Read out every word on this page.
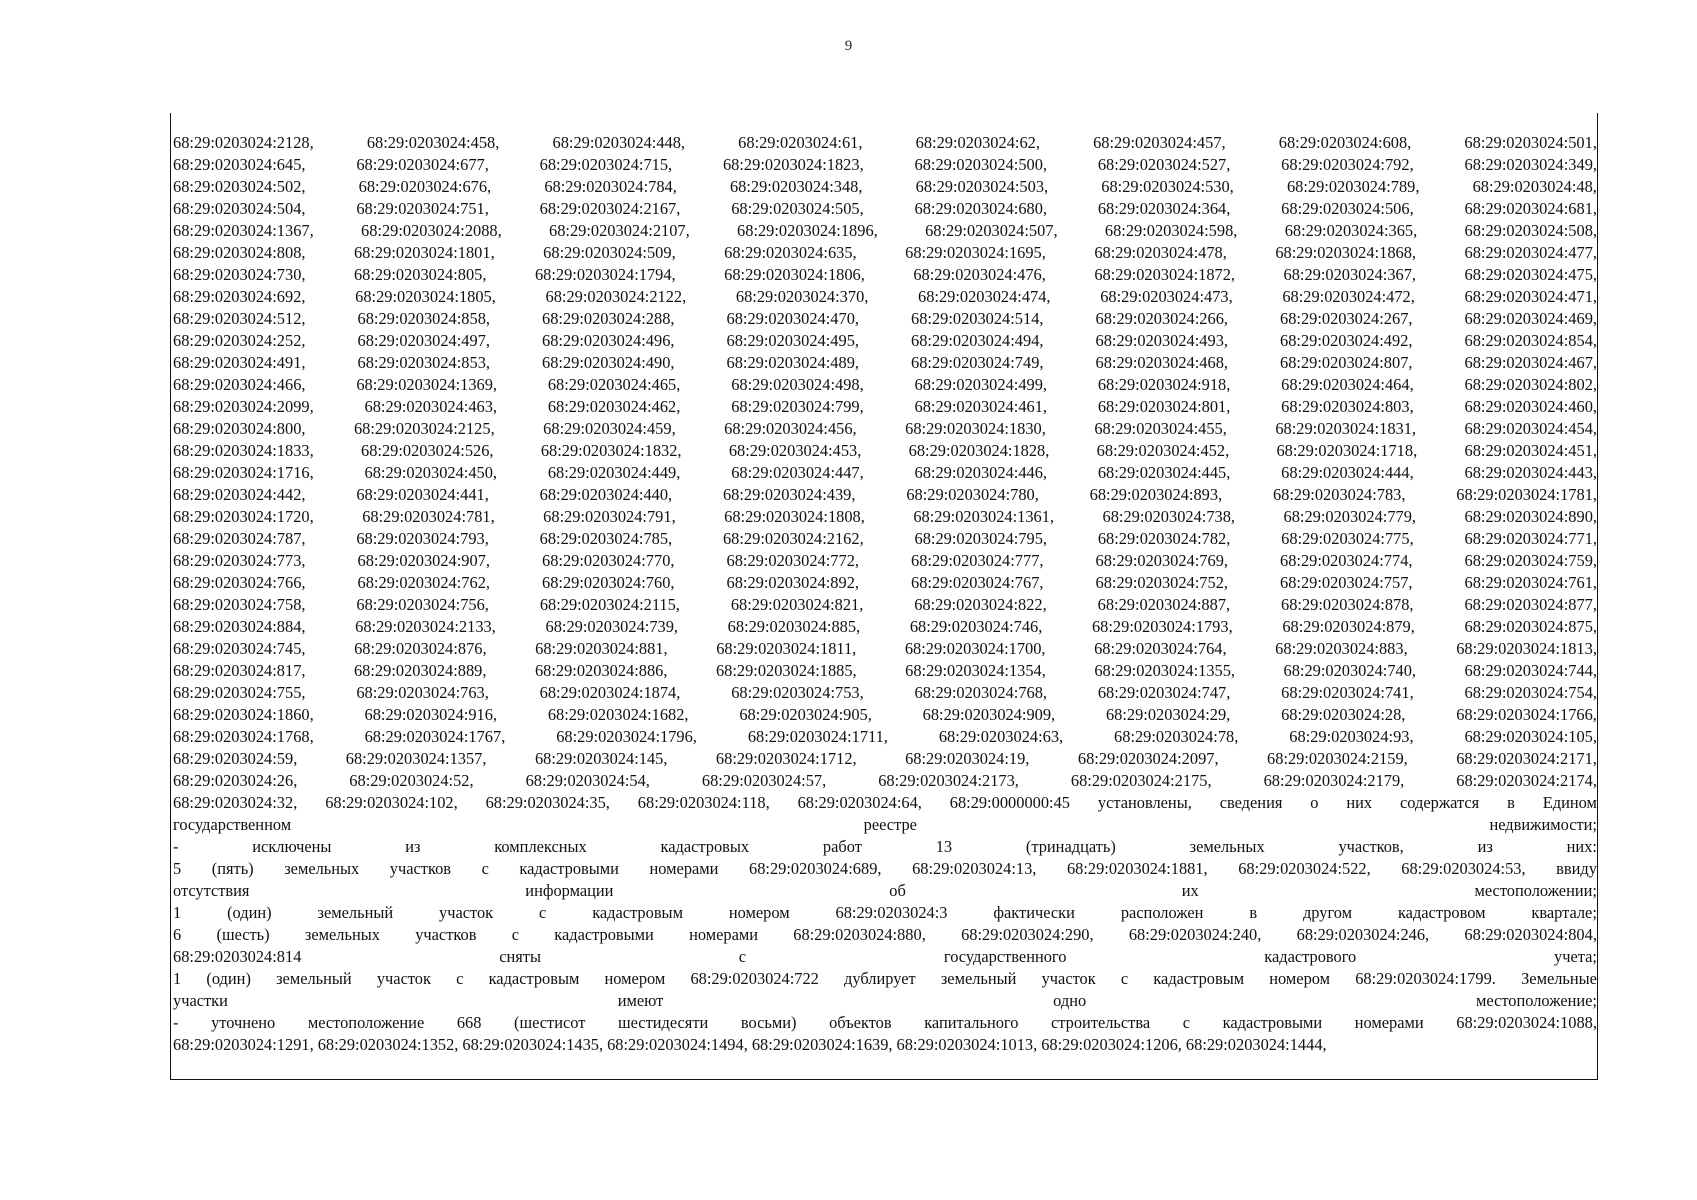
9
68:29:0203024:2128,	68:29:0203024:458,	68:29:0203024:448,	68:29:0203024:61,	68:29:0203024:62,	68:29:0203024:457,	68:29:0203024:608,	68:29:0203024:501,
68:29:0203024:645,	68:29:0203024:677,	68:29:0203024:715,	68:29:0203024:1823,	68:29:0203024:500,	68:29:0203024:527,	68:29:0203024:792,	68:29:0203024:349,
68:29:0203024:502,	68:29:0203024:676,	68:29:0203024:784,	68:29:0203024:348,	68:29:0203024:503,	68:29:0203024:530,	68:29:0203024:789,	68:29:0203024:48,
68:29:0203024:504,	68:29:0203024:751,	68:29:0203024:2167,	68:29:0203024:505,	68:29:0203024:680,	68:29:0203024:364,	68:29:0203024:506,	68:29:0203024:681,
68:29:0203024:1367,	68:29:0203024:2088,	68:29:0203024:2107,	68:29:0203024:1896,	68:29:0203024:507,	68:29:0203024:598,	68:29:0203024:365,	68:29:0203024:508,
68:29:0203024:808,	68:29:0203024:1801,	68:29:0203024:509,	68:29:0203024:635,	68:29:0203024:1695,	68:29:0203024:478,	68:29:0203024:1868,	68:29:0203024:477,
68:29:0203024:730,	68:29:0203024:805,	68:29:0203024:1794,	68:29:0203024:1806,	68:29:0203024:476,	68:29:0203024:1872,	68:29:0203024:367,	68:29:0203024:475,
68:29:0203024:692,	68:29:0203024:1805,	68:29:0203024:2122,	68:29:0203024:370,	68:29:0203024:474,	68:29:0203024:473,	68:29:0203024:472,	68:29:0203024:471,
68:29:0203024:512,	68:29:0203024:858,	68:29:0203024:288,	68:29:0203024:470,	68:29:0203024:514,	68:29:0203024:266,	68:29:0203024:267,	68:29:0203024:469,
68:29:0203024:252,	68:29:0203024:497,	68:29:0203024:496,	68:29:0203024:495,	68:29:0203024:494,	68:29:0203024:493,	68:29:0203024:492,	68:29:0203024:854,
68:29:0203024:491,	68:29:0203024:853,	68:29:0203024:490,	68:29:0203024:489,	68:29:0203024:749,	68:29:0203024:468,	68:29:0203024:807,	68:29:0203024:467,
68:29:0203024:466,	68:29:0203024:1369,	68:29:0203024:465,	68:29:0203024:498,	68:29:0203024:499,	68:29:0203024:918,	68:29:0203024:464,	68:29:0203024:802,
68:29:0203024:2099,	68:29:0203024:463,	68:29:0203024:462,	68:29:0203024:799,	68:29:0203024:461,	68:29:0203024:801,	68:29:0203024:803,	68:29:0203024:460,
68:29:0203024:800,	68:29:0203024:2125,	68:29:0203024:459,	68:29:0203024:456,	68:29:0203024:1830,	68:29:0203024:455,	68:29:0203024:1831,	68:29:0203024:454,
68:29:0203024:1833,	68:29:0203024:526,	68:29:0203024:1832,	68:29:0203024:453,	68:29:0203024:1828,	68:29:0203024:452,	68:29:0203024:1718,	68:29:0203024:451,
68:29:0203024:1716,	68:29:0203024:450,	68:29:0203024:449,	68:29:0203024:447,	68:29:0203024:446,	68:29:0203024:445,	68:29:0203024:444,	68:29:0203024:443,
68:29:0203024:442,	68:29:0203024:441,	68:29:0203024:440,	68:29:0203024:439,	68:29:0203024:780,	68:29:0203024:893,	68:29:0203024:783,	68:29:0203024:1781,
68:29:0203024:1720,	68:29:0203024:781,	68:29:0203024:791,	68:29:0203024:1808,	68:29:0203024:1361,	68:29:0203024:738,	68:29:0203024:779,	68:29:0203024:890,
68:29:0203024:787,	68:29:0203024:793,	68:29:0203024:785,	68:29:0203024:2162,	68:29:0203024:795,	68:29:0203024:782,	68:29:0203024:775,	68:29:0203024:771,
68:29:0203024:773,	68:29:0203024:907,	68:29:0203024:770,	68:29:0203024:772,	68:29:0203024:777,	68:29:0203024:769,	68:29:0203024:774,	68:29:0203024:759,
68:29:0203024:766,	68:29:0203024:762,	68:29:0203024:760,	68:29:0203024:892,	68:29:0203024:767,	68:29:0203024:752,	68:29:0203024:757,	68:29:0203024:761,
68:29:0203024:758,	68:29:0203024:756,	68:29:0203024:2115,	68:29:0203024:821,	68:29:0203024:822,	68:29:0203024:887,	68:29:0203024:878,	68:29:0203024:877,
68:29:0203024:884,	68:29:0203024:2133,	68:29:0203024:739,	68:29:0203024:885,	68:29:0203024:746,	68:29:0203024:1793,	68:29:0203024:879,	68:29:0203024:875,
68:29:0203024:745,	68:29:0203024:876,	68:29:0203024:881,	68:29:0203024:1811,	68:29:0203024:1700,	68:29:0203024:764,	68:29:0203024:883,	68:29:0203024:1813,
68:29:0203024:817,	68:29:0203024:889,	68:29:0203024:886,	68:29:0203024:1885,	68:29:0203024:1354,	68:29:0203024:1355,	68:29:0203024:740,	68:29:0203024:744,
68:29:0203024:755,	68:29:0203024:763,	68:29:0203024:1874,	68:29:0203024:753,	68:29:0203024:768,	68:29:0203024:747,	68:29:0203024:741,	68:29:0203024:754,
68:29:0203024:1860,	68:29:0203024:916,	68:29:0203024:1682,	68:29:0203024:905,	68:29:0203024:909,	68:29:0203024:29,	68:29:0203024:28,	68:29:0203024:1766,
68:29:0203024:1768,	68:29:0203024:1767,	68:29:0203024:1796,	68:29:0203024:1711,	68:29:0203024:63,	68:29:0203024:78,	68:29:0203024:93,	68:29:0203024:105,
68:29:0203024:59,	68:29:0203024:1357,	68:29:0203024:145,	68:29:0203024:1712,	68:29:0203024:19,	68:29:0203024:2097,	68:29:0203024:2159,	68:29:0203024:2171,
68:29:0203024:26,	68:29:0203024:52,	68:29:0203024:54,	68:29:0203024:57,	68:29:0203024:2173,	68:29:0203024:2175,	68:29:0203024:2179,	68:29:0203024:2174,
68:29:0203024:32, 68:29:0203024:102, 68:29:0203024:35, 68:29:0203024:118, 68:29:0203024:64, 68:29:0000000:45 установлены, сведения о них содержатся в Едином
государственном	реестре	недвижимости;
-	исключены	из	комплексных	кадастровых	работ	13	(тринадцать)	земельных	участков,	из	них:
5 (пять) земельных участков с кадастровыми номерами 68:29:0203024:689, 68:29:0203024:13, 68:29:0203024:1881, 68:29:0203024:522, 68:29:0203024:53, ввиду
отсутствия	информации	об	их	местоположении;
1	(один)	земельный	участок	с	кадастровым	номером	68:29:0203024:3	фактически	расположен	в	другом	кадастровом	квартале;
6 (шесть) земельных участков с кадастровыми номерами 68:29:0203024:880, 68:29:0203024:290, 68:29:0203024:240, 68:29:0203024:246, 68:29:0203024:804,
68:29:0203024:814	сняты	с	государственного	кадастрового	учета;
1 (один) земельный участок с кадастровым номером 68:29:0203024:722 дублирует земельный участок с кадастровым номером 68:29:0203024:1799. Земельные
участки	имеют	одно	местоположение;
- уточнено местоположение 668 (шестисот шестидесяти восьми) объектов капитального строительства с кадастровыми номерами 68:29:0203024:1088,
68:29:0203024:1291, 68:29:0203024:1352, 68:29:0203024:1435, 68:29:0203024:1494, 68:29:0203024:1639, 68:29:0203024:1013, 68:29:0203024:1206, 68:29:0203024:1444,
